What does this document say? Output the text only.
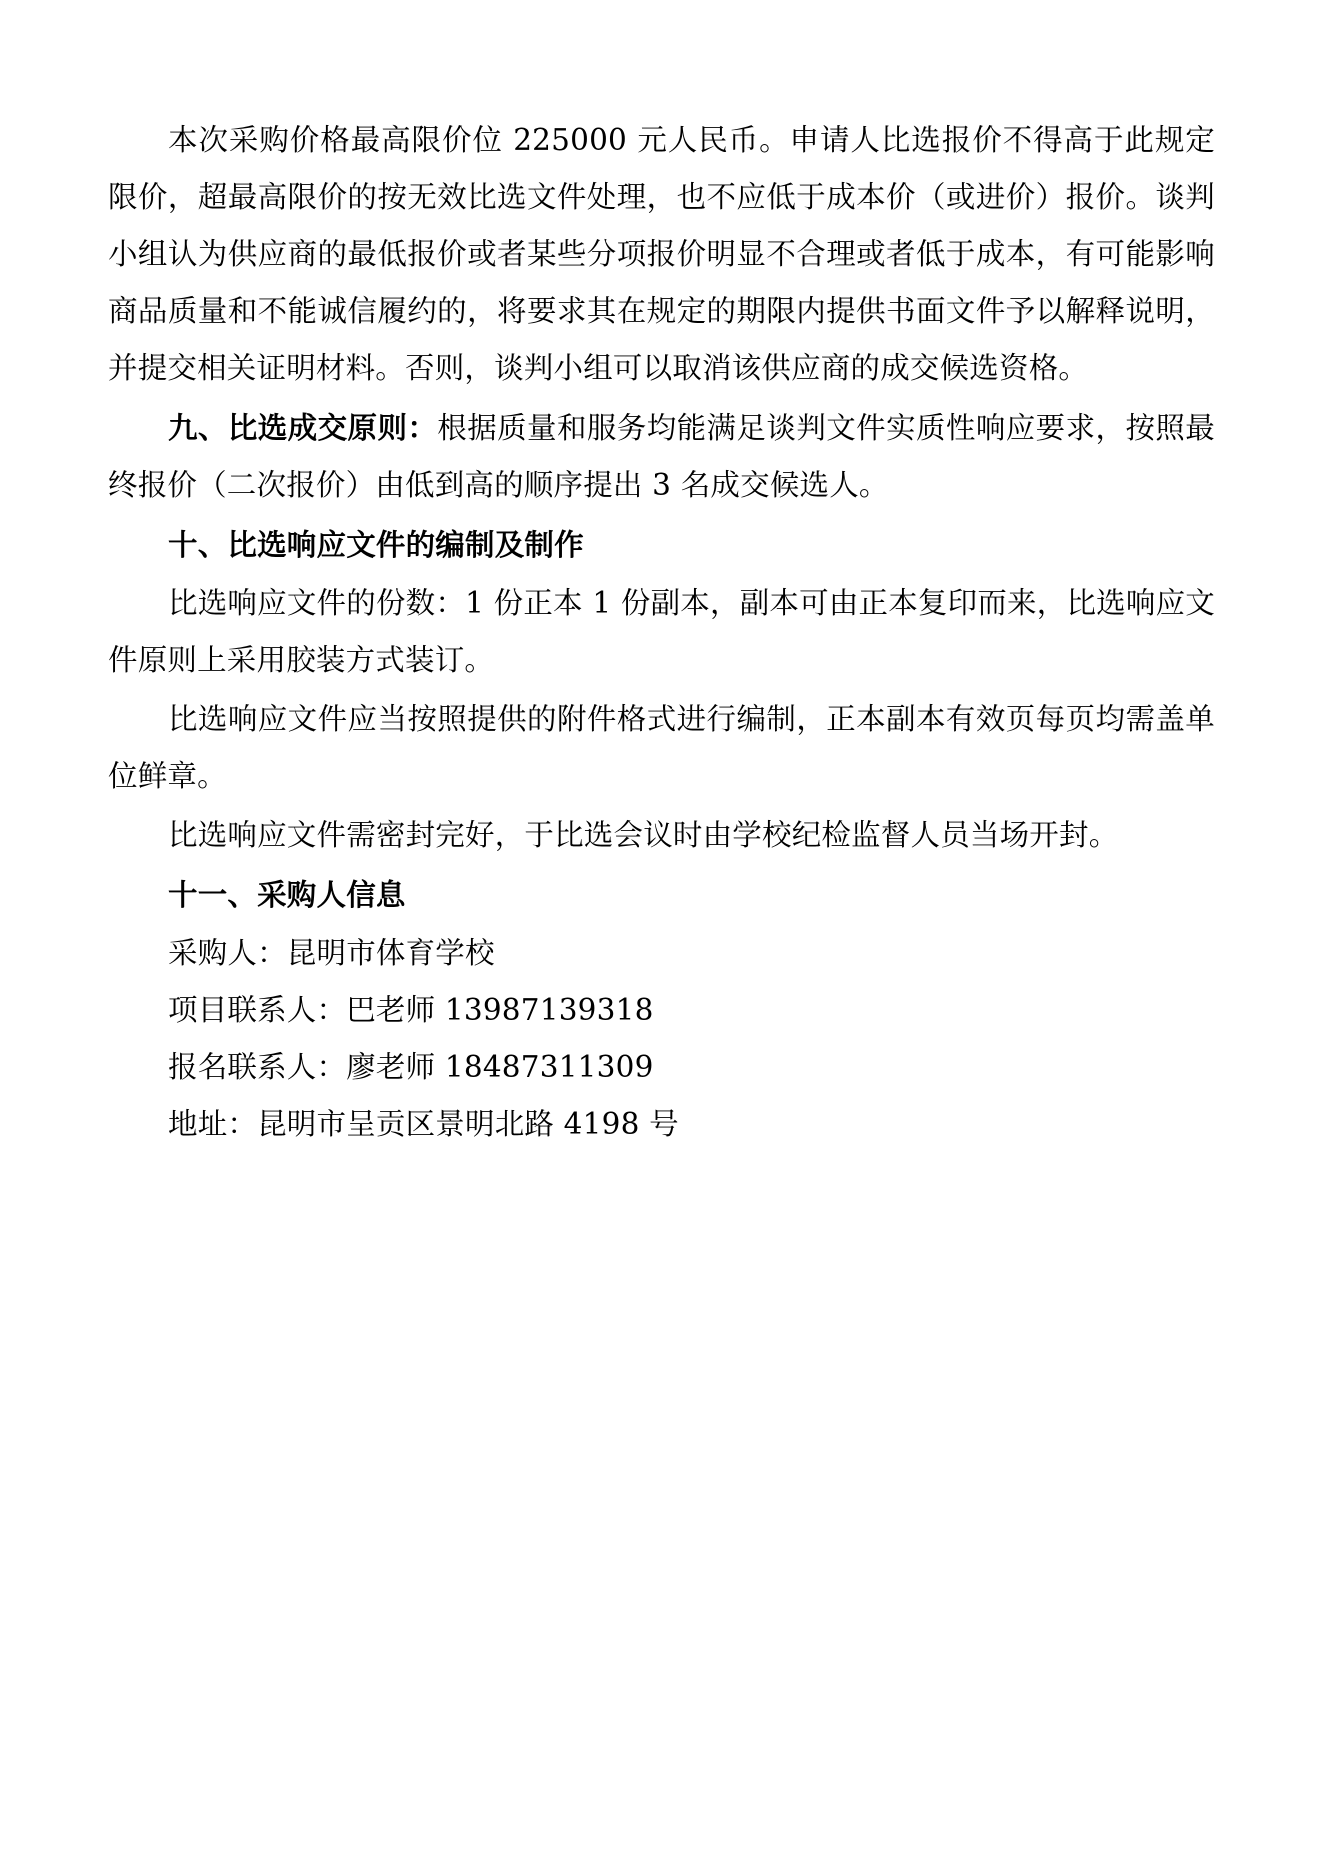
本次采购价格最高限价位 225000 元人民币。申请人比选报价不得高于此规定限价，超最高限价的按无效比选文件处理，也不应低于成本价（或进价）报价。谈判小组认为供应商的最低报价或者某些分项报价明显不合理或者低于成本，有可能影响商品质量和不能诚信履约的，将要求其在规定的期限内提供书面文件予以解释说明，并提交相关证明材料。否则，谈判小组可以取消该供应商的成交候选资格。

九、比选成交原则：根据质量和服务均能满足谈判文件实质性响应要求，按照最终报价（二次报价）由低到高的顺序提出 3 名成交候选人。

十、比选响应文件的编制及制作

比选响应文件的份数：1 份正本 1 份副本，副本可由正本复印而来，比选响应文件原则上采用胶装方式装订。

比选响应文件应当按照提供的附件格式进行编制，正本副本有效页每页均需盖单位鲜章。

比选响应文件需密封完好，于比选会议时由学校纪检监督人员当场开封。

十一、采购人信息

采购人：昆明市体育学校

项目联系人：巴老师 13987139318

报名联系人：廖老师 18487311309

地址：昆明市呈贡区景明北路 4198 号
